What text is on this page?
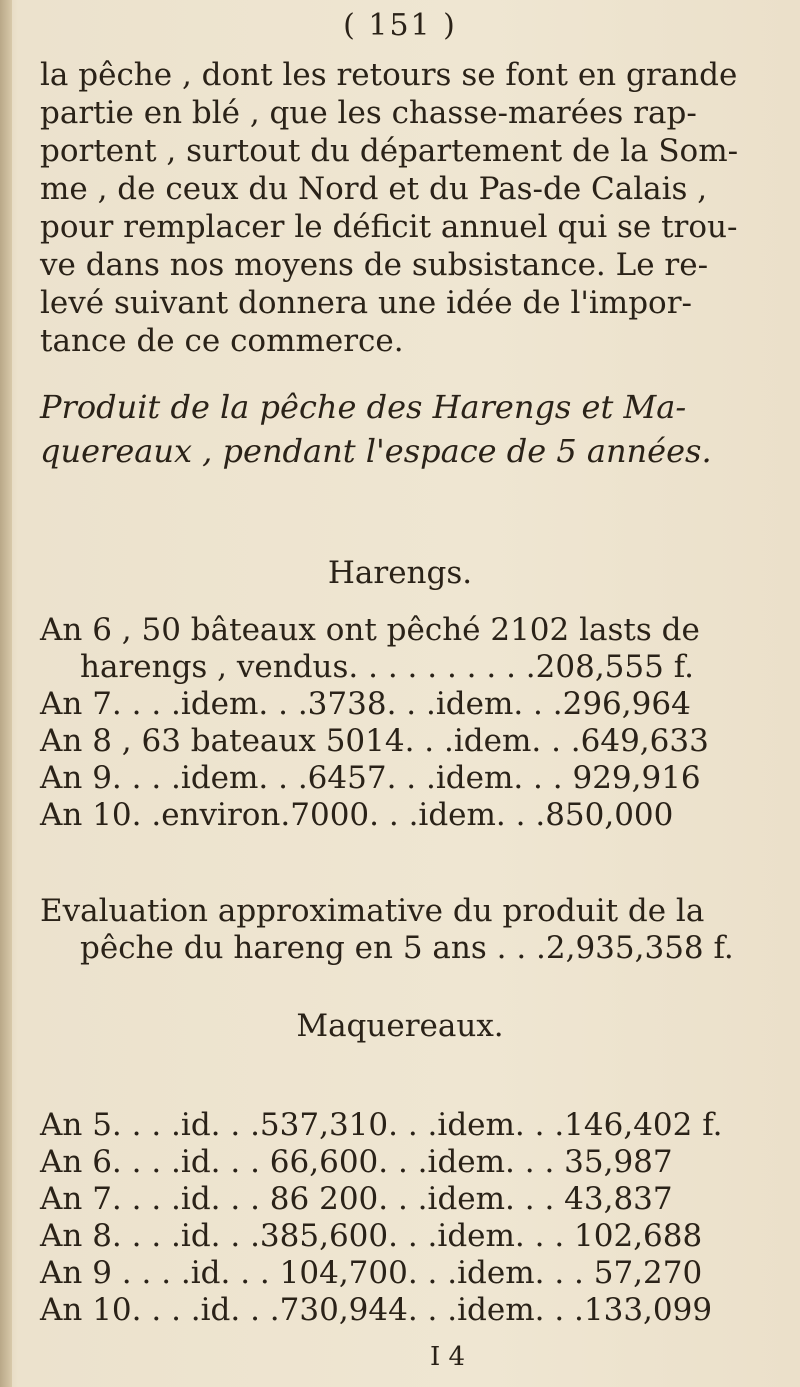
( 151 )
la pêche , dont les retours se font en grande
partie en blé , que les chasse-marées rap-
portent , surtout du département de la Som-
me , de ceux du Nord et du Pas-de Calais ,
pour remplacer le déficit annuel qui se trou-
ve dans nos moyens de subsistance. Le re-
levé suivant donnera une idée de l'impor-
tance de ce commerce.
Produit de la pêche des Harengs et Ma-
quereaux , pendant l'espace de 5 années.
Harengs.
An 6 , 50 bâteaux ont pêché 2102 lasts de
harengs , vendus. . . . . . . . . .208,555 f.
An 7. . . .idem. . .3738. . .idem. . .296,964
An 8 , 63 bateaux 5014. . .idem. . .649,633
An 9. . . .idem. . .6457. . .idem. . . 929,916
An 10. .environ.7000. . .idem. . .850,000
Evaluation approximative du produit de la
pêche du hareng en 5 ans . . .2,935,358 f.
Maquereaux.
An 5. . . .id. . .537,310. . .idem. . .146,402 f.
An 6. . . .id. . . 66,600. . .idem. . . 35,987
An 7. . . .id. . . 86 200. . .idem. . . 43,837
An 8. . . .id. . .385,600. . .idem. . . 102,688
An 9 . . . .id. . . 104,700. . .idem. . . 57,270
An 10. . . .id. . .730,944. . .idem. . .133,099
I 4
